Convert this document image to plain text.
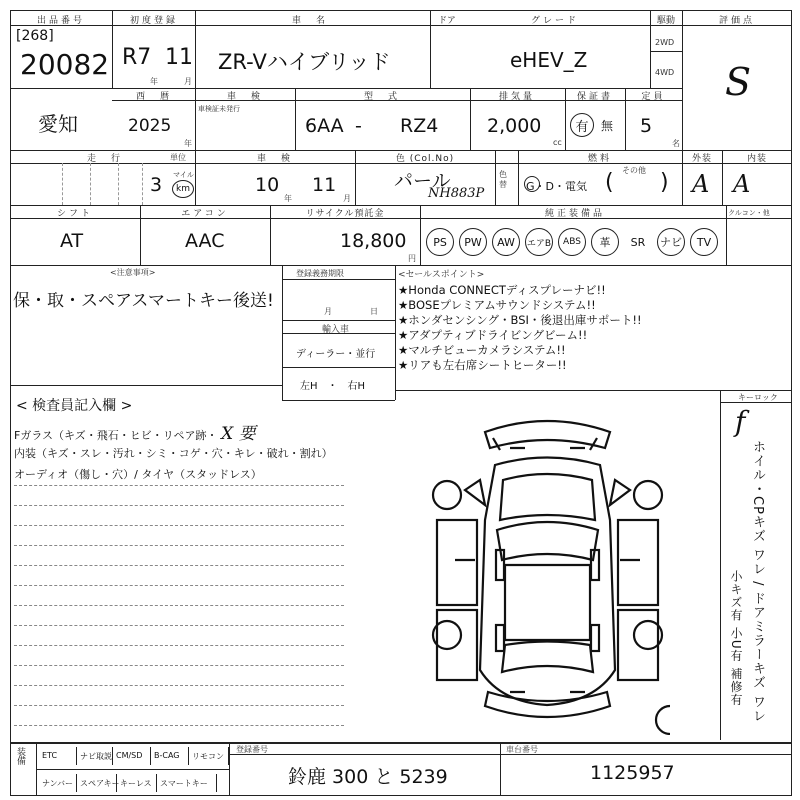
出品番号
[268]
20082
初度登録
R7 11
年	月
車　名
ZR-Vハイブリッド
ドア	グレード
eHEV_Z
駆動
2WD
4WD
評価点
S
愛知
西　暦
2025
年
車　検
車検証未発行
型　式
6AA - RZ4
排気量
2,000
cc
保証書
有 無
定員
5
名
走　行	単位
3 マイル
km
車　検
10
年
11
月
色 (Col.No)
パール
NH883P
色替
燃料
G・D・電気
その他
( )
外装
A
内装
A
シフト
AT
エアコン
AAC
リサイクル預託金
18,800
円
純正装備品	クルコン・他
PS	PW	AW	エアB	ABS	革	SR	ナビ	TV
<注意事項>
保・取・スペアスマートキー後送!
登録義務期限
月	日
輸入車
ディーラー・並行
左H　・　右H
<セールスポイント>
★Honda CONNECTディスプレーナビ!!
★BOSEプレミアムサウンドシステム!!
★ホンダセンシング・BSI・後退出庫サポート!!
★アダプティブドライビングビーム!!
★マルチビューカメラシステム!!
★リアも左右席シートヒーター!!
キーロック
f
< 検査員記入欄 >
Fガラス（キズ・飛石・ヒビ・リペア跡・ X 要
内装（キズ・スレ・汚れ・シミ・コゲ・穴・キレ・破れ・割れ）
オーディオ（傷し・穴）/ タイヤ（スタッドレス）	ホイル・CPキズ ワレ / ドアミラーキズ ワレ
小キズ有 小U有 補修有
装備 ETC	ナビ取説 CM/SD B-CAG リモコン
ナンバー スペアキー キーレス スマートキー
登録番号
鈴鹿 300 と 5239
車台番号
1125957
